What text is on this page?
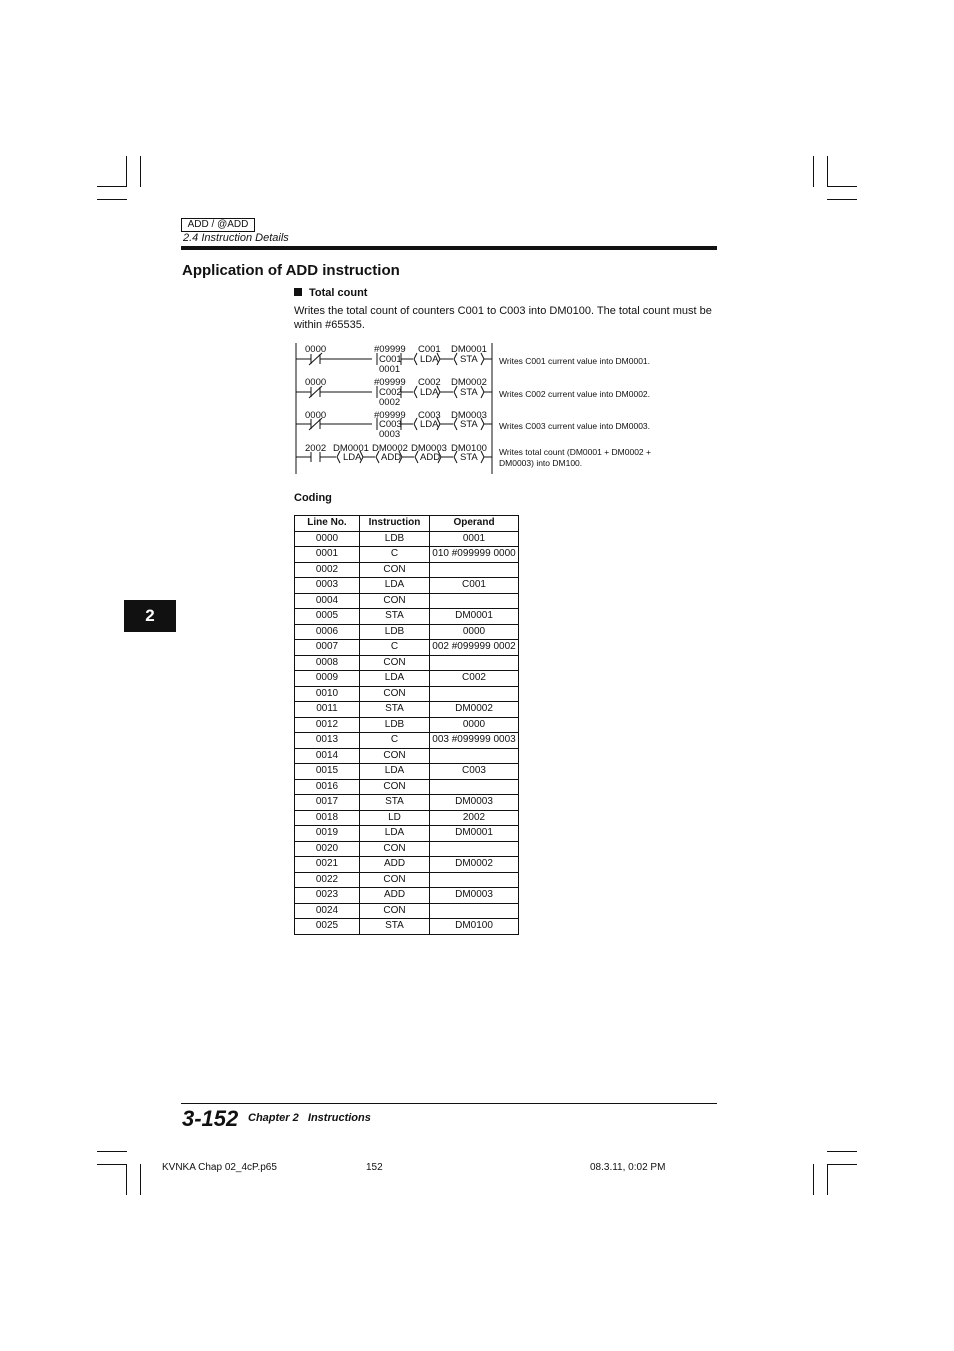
ADD / @ADD
2.4 Instruction Details
Application of ADD instruction
Total count
Writes the total count of counters C001 to C003 into DM0100. The total count must be within #65535.
0000	#09999
C001
0001
C001
LDA
DM0001
STA Writes C001 current value into DM0001.
0000	#09999
C002
0002
C002
LDA
DM0002
STA Writes C002 current value into DM0002.
0000	#09999
C003
0003
C003
LDA
DM0003
STA Writes C003 current value into DM0003.
2002 DM0001 DM0002 DM0003 DM0100
LDA ADD ADD STA Writes total count (DM0001 + DM0002 +
DM0003) into DM100.
Coding
Line No.	Instruction	Operand
0000	LDB	0001
0001	C	010 #099999 0000
0002	CON	
0003	LDA	C001
0004	CON	
0005	STA	DM0001
0006	LDB	0000
0007	C	002 #099999 0002
0008	CON	
0009	LDA	C002
0010	CON	
0011	STA	DM0002
0012	LDB	0000
0013	C	003 #099999 0003
0014	CON	
0015	LDA	C003
0016	CON	
0017	STA	DM0003
0018	LD	2002
0019	LDA	DM0001
0020	CON	
0021	ADD	DM0002
0022	CON	
0023	ADD	DM0003
0024	CON	
0025	STA	DM0100
2
3-152 Chapter 2   Instructions
KVNKA Chap 02_4cP.p65	152	08.3.11, 0:02 PM
